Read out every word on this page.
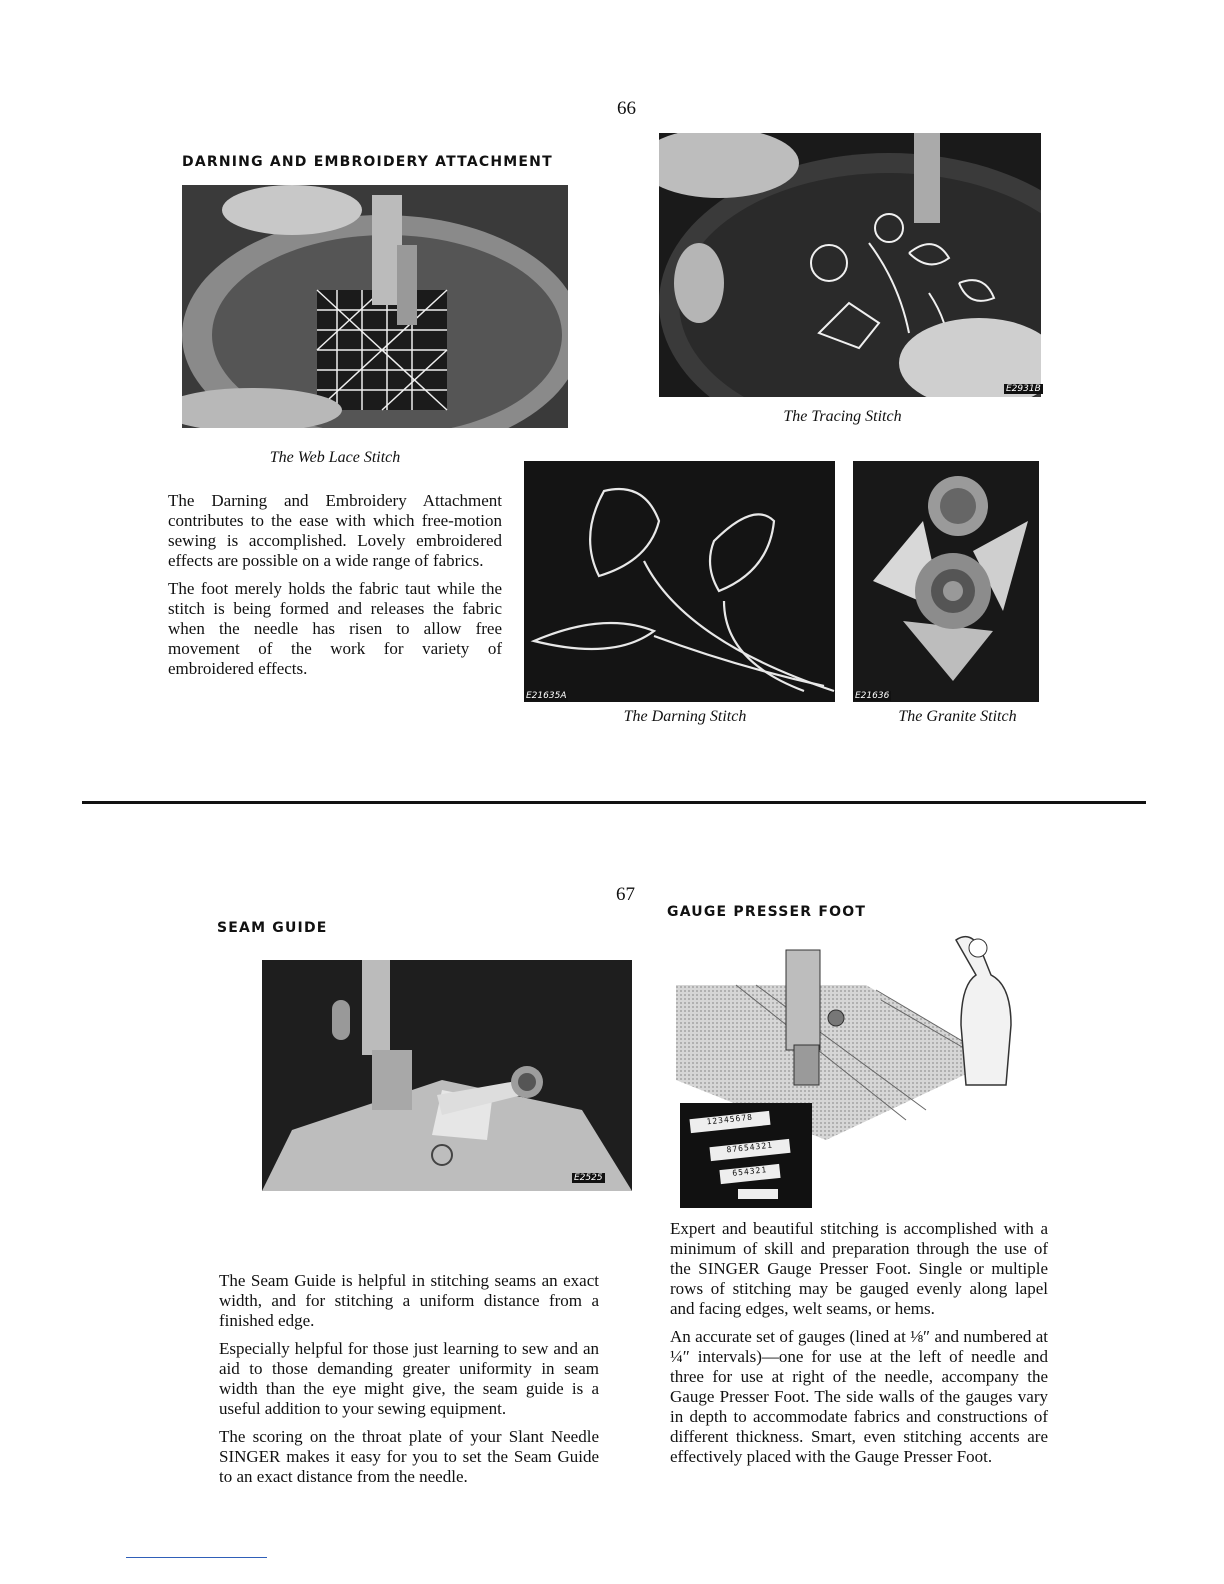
66
DARNING AND EMBROIDERY ATTACHMENT
The Web Lace Stitch
E2931B
The Tracing Stitch

The Darning and Embroidery Attachment contributes to the ease with which free-motion sewing is accomplished. Lovely embroidered effects are possible on a wide range of fabrics.

The foot merely holds the fabric taut while the stitch is being formed and releases the fabric when the needle has risen to allow free movement of the work for variety of embroidered effects.

E21635A
The Darning Stitch
E21636
The Granite Stitch
67
SEAM GUIDE
GAUGE PRESSER FOOT
E2525
12345678
87654321
654321

The Seam Guide is helpful in stitching seams an exact width, and for stitching a uniform distance from a finished edge.

Especially helpful for those just learning to sew and an aid to those demanding greater uniformity in seam width than the eye might give, the seam guide is a useful addition to your sewing equipment.

The scoring on the throat plate of your Slant Needle SINGER makes it easy for you to set the Seam Guide to an exact distance from the needle.

Expert and beautiful stitching is accomplished with a minimum of skill and preparation through the use of the SINGER Gauge Presser Foot. Single or multiple rows of stitching may be gauged evenly along lapel and facing edges, welt seams, or hems.

An accurate set of gauges (lined at ⅛″ and numbered at ¼″ intervals)—one for use at the left of needle and three for use at right of the needle, accompany the Gauge Presser Foot. The side walls of the gauges vary in depth to accommodate fabrics and constructions of different thickness. Smart, even stitching accents are effectively placed with the Gauge Presser Foot.
